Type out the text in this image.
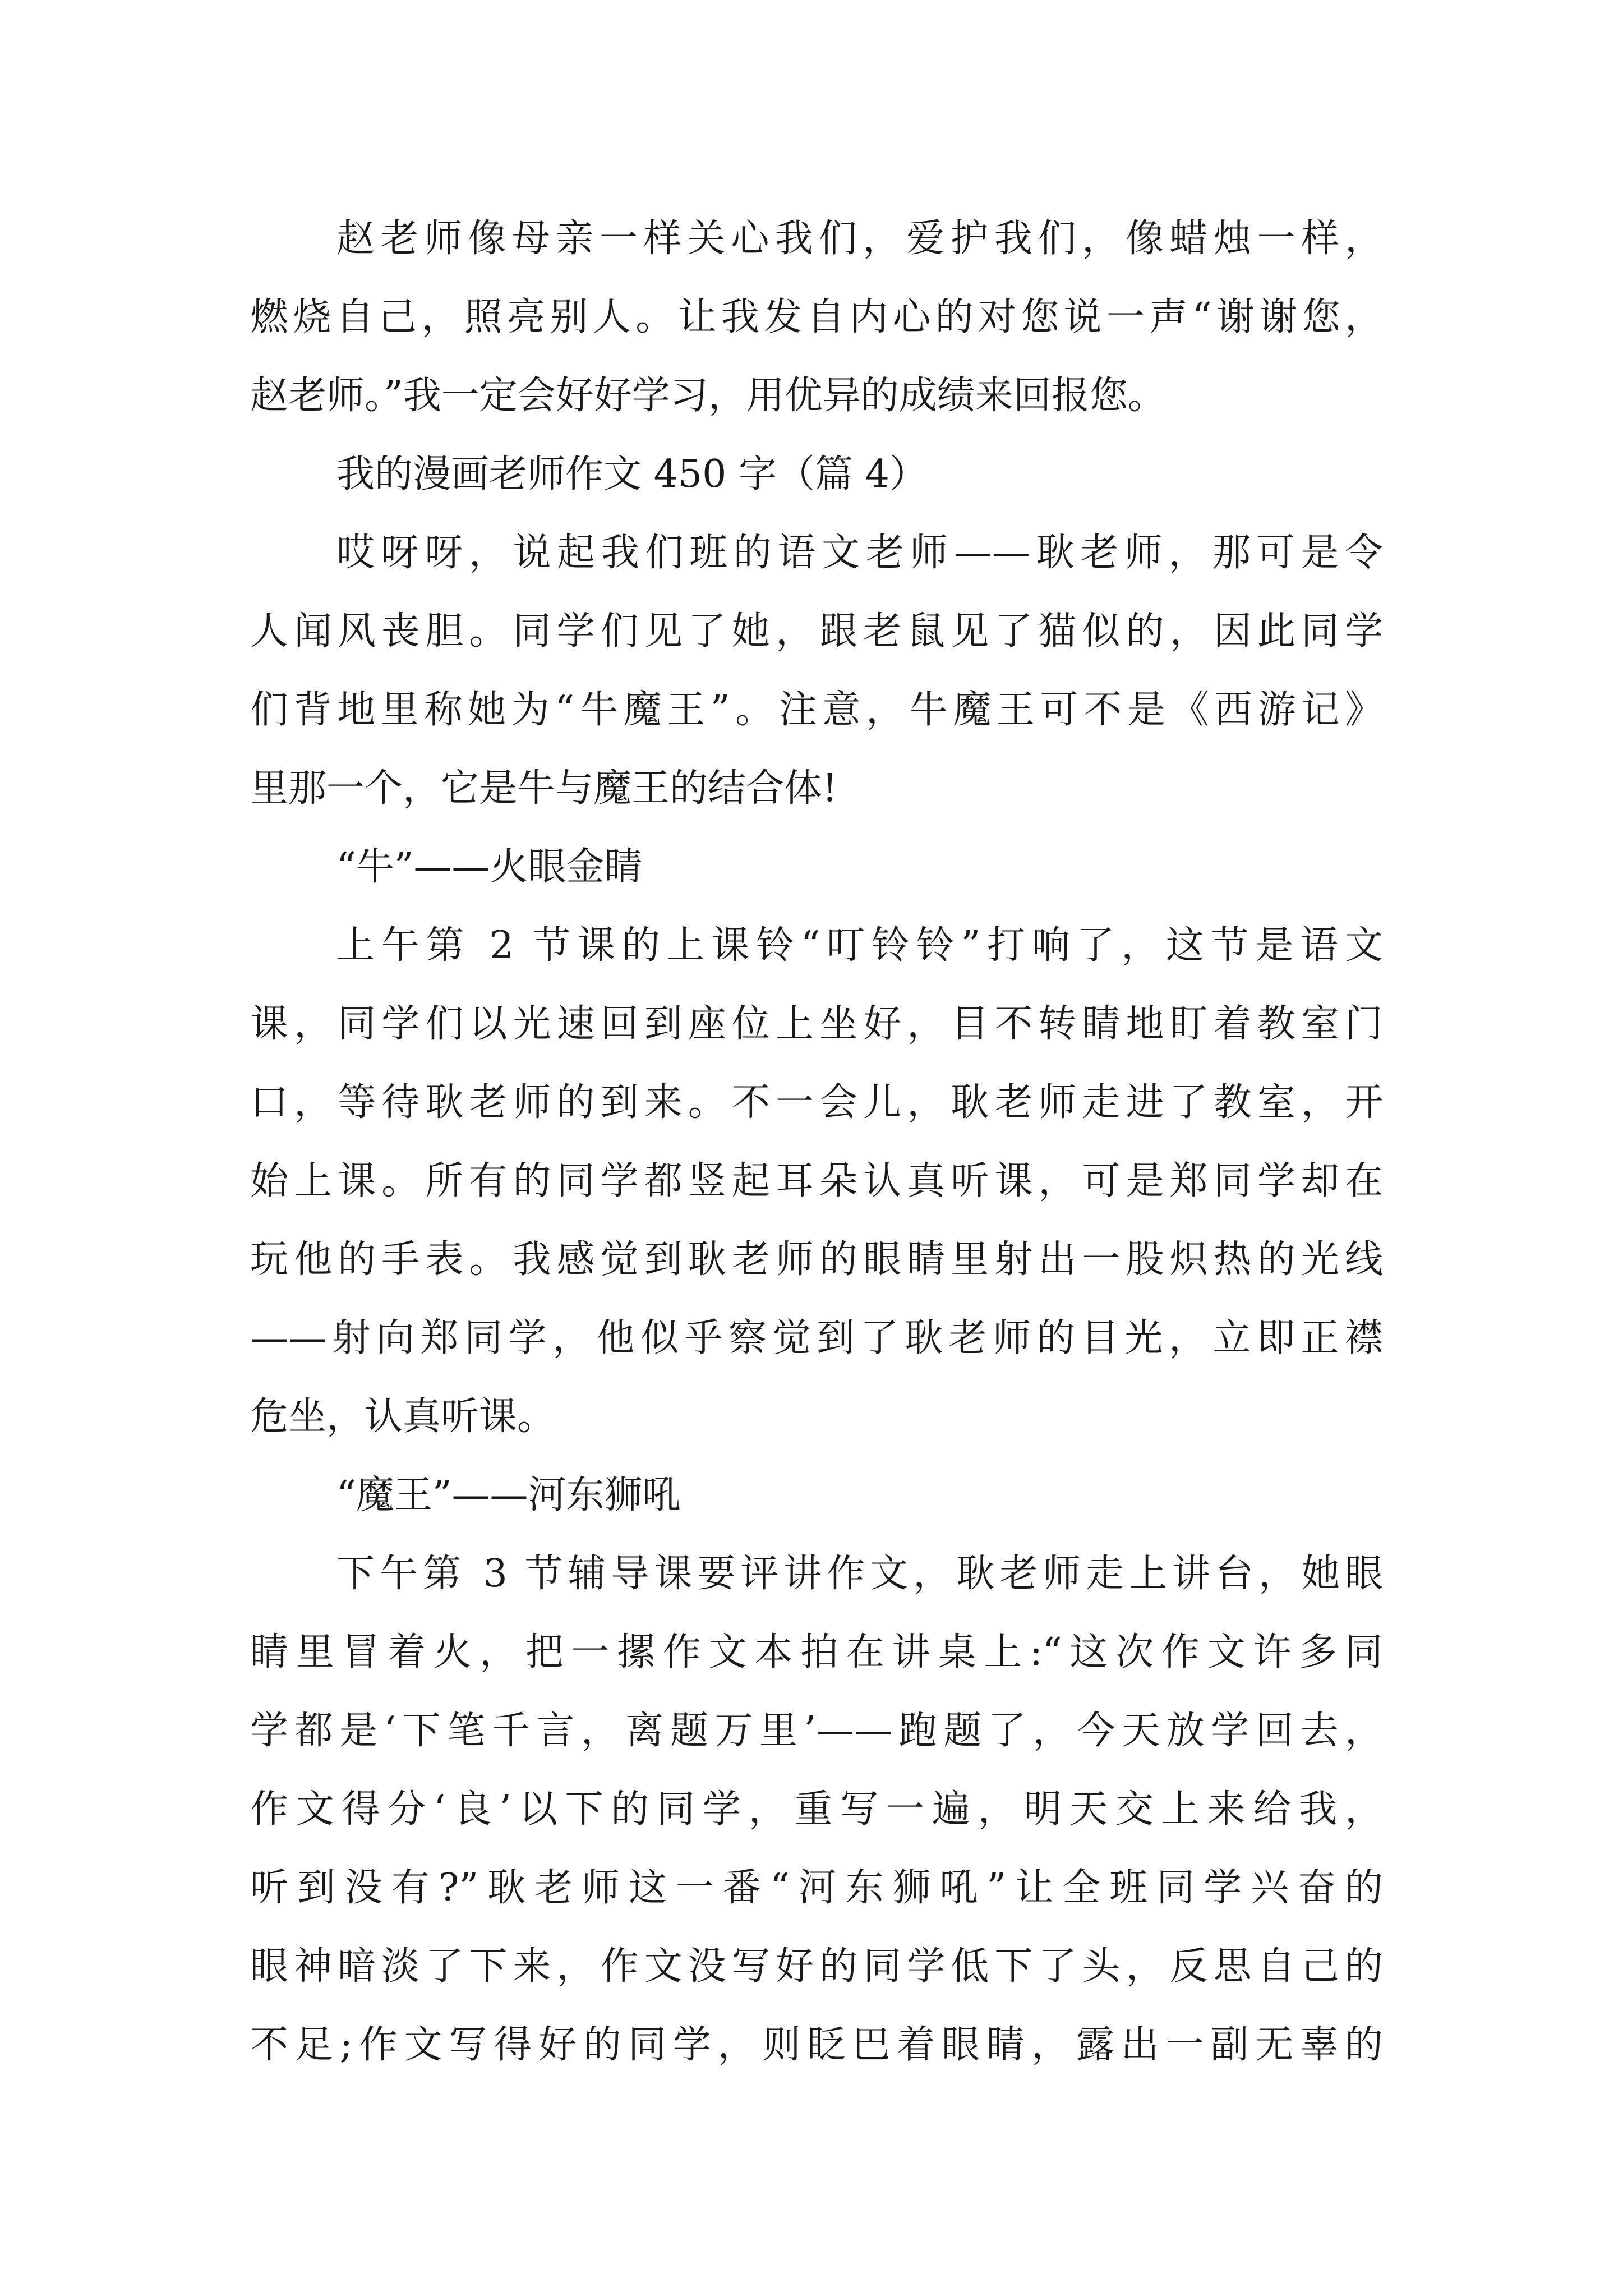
赵老师像母亲一样关心我们，爱护我们，像蜡烛一样，
燃烧自己，照亮别人。让我发自内心的对您说一声“谢谢您，
赵老师。”我一定会好好学习，用优异的成绩来回报您。
我的漫画老师作文 450 字（篇 4）
哎呀呀，说起我们班的语文老师——耿老师，那可是令
人闻风丧胆。同学们见了她，跟老鼠见了猫似的，因此同学
们背地里称她为“牛魔王”。注意，牛魔王可不是《西游记》
里那一个，它是牛与魔王的结合体!
“牛”——火眼金睛
上午第 2 节课的上课铃“叮铃铃”打响了，这节是语文
课，同学们以光速回到座位上坐好，目不转睛地盯着教室门
口，等待耿老师的到来。不一会儿，耿老师走进了教室，开
始上课。所有的同学都竖起耳朵认真听课，可是郑同学却在
玩他的手表。我感觉到耿老师的眼睛里射出一股炽热的光线
——射向郑同学，他似乎察觉到了耿老师的目光，立即正襟
危坐，认真听课。
“魔王”——河东狮吼
下午第 3 节辅导课要评讲作文，耿老师走上讲台，她眼
睛里冒着火，把一摞作文本拍在讲桌上:“这次作文许多同
学都是‘下笔千言，离题万里’——跑题了，今天放学回去，
作文得分‘良’以下的同学，重写一遍，明天交上来给我，
听到没有?”耿老师这一番“河东狮吼”让全班同学兴奋的
眼神暗淡了下来，作文没写好的同学低下了头，反思自己的
不足;作文写得好的同学，则眨巴着眼睛，露出一副无辜的
